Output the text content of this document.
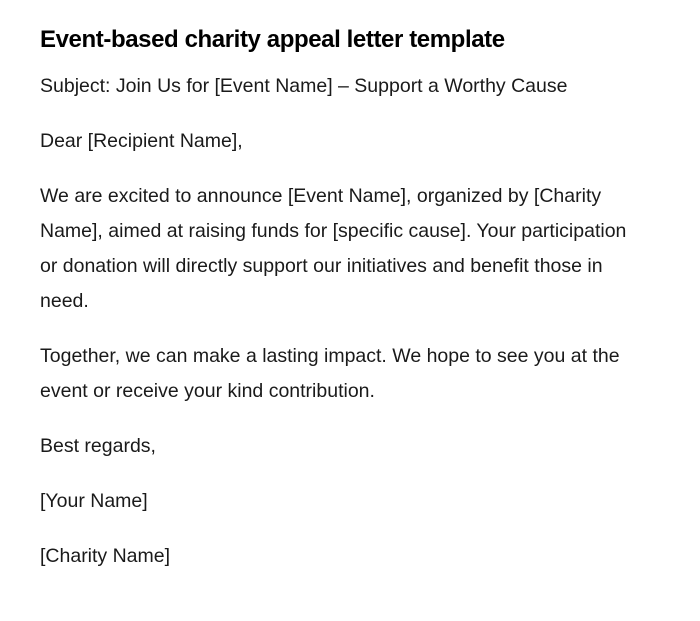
Event-based charity appeal letter template

Subject: Join Us for [Event Name] – Support a Worthy Cause

Dear [Recipient Name],

We are excited to announce [Event Name], organized by [Charity Name], aimed at raising funds for [specific cause]. Your participation or donation will directly support our initiatives and benefit those in need.

Together, we can make a lasting impact. We hope to see you at the event or receive your kind contribution.

Best regards,

[Your Name]

[Charity Name]
